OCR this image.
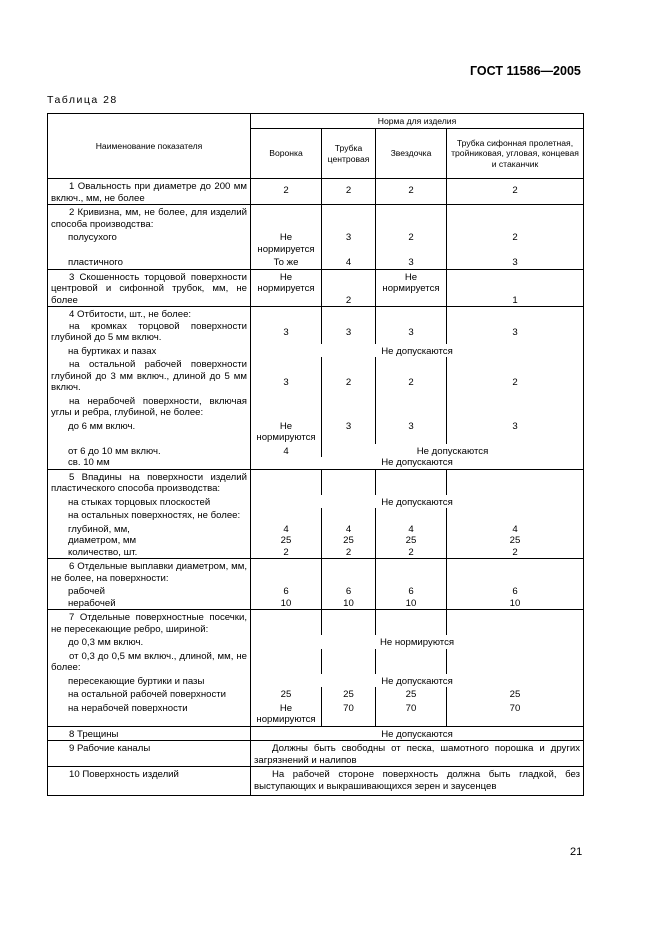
ГОСТ 11586—2005
Таблица 28
Наименование показателя	Норма для изделия			
	Воронка	Трубка центровая	Звездочка	Трубка сифонная пролетная, тройниковая, угловая, концевая и стаканчик
1 Овальность при диаметре до 200 мм включ., мм, не более	2	2	2	2
2 Кривизна, мм, не более, для изделий способа производства:				
полусухого	Не нормируется	3	2	2
пластичного	То же	4	3	3
3 Скошенность торцовой поверхности центровой и сифонной трубок, мм, не более	Не нормируется	2	Не нормируется	1
4 Отбитости, шт., не более:				
на кромках торцовой поверхности глубиной до 5 мм включ.	3	3	3	3
на буртиках и пазах	Не допускаются			
на остальной рабочей поверхности глубиной до 3 мм включ., длиной до 5 мм включ.	3	2	2	2
на нерабочей поверхности, включая углы и ребра, глубиной, не более:				
до 6 мм включ.	Не нормируются	3	3	3
от 6 до 10 мм включ.	4	Не допускаются		
св. 10 мм	Не допускаются			
5 Впадины на поверхности изделий пластического способа производства:				
на стыках торцовых плоскостей	Не допускаются			
на остальных поверхностях, не более:				
глубиной, мм,	4	4	4	4
диаметром, мм	25	25	25	25
количество, шт.	2	2	2	2
6 Отдельные выплавки диаметром, мм, не более, на поверхности:				
рабочей	6	6	6	6
нерабочей	10	10	10	10
7 Отдельные поверхностные посечки, не пересекающие ребро, шириной:				
до 0,3 мм включ.	Не нормируются			
от 0,3 до 0,5 мм включ., длиной, мм, не более:				
пересекающие буртики и пазы	Не допускаются			
на остальной рабочей поверхности	25	25	25	25
на нерабочей поверхности	Не нормируются	70	70	70
8 Трещины	Не допускаются			
9 Рабочие каналы	Должны быть свободны от песка, шамотного порошка и других загрязнений и налипов			
10 Поверхность изделий	На рабочей стороне поверхность должна быть гладкой, без выступающих и выкрашивающихся зерен и заусенцев			
21
